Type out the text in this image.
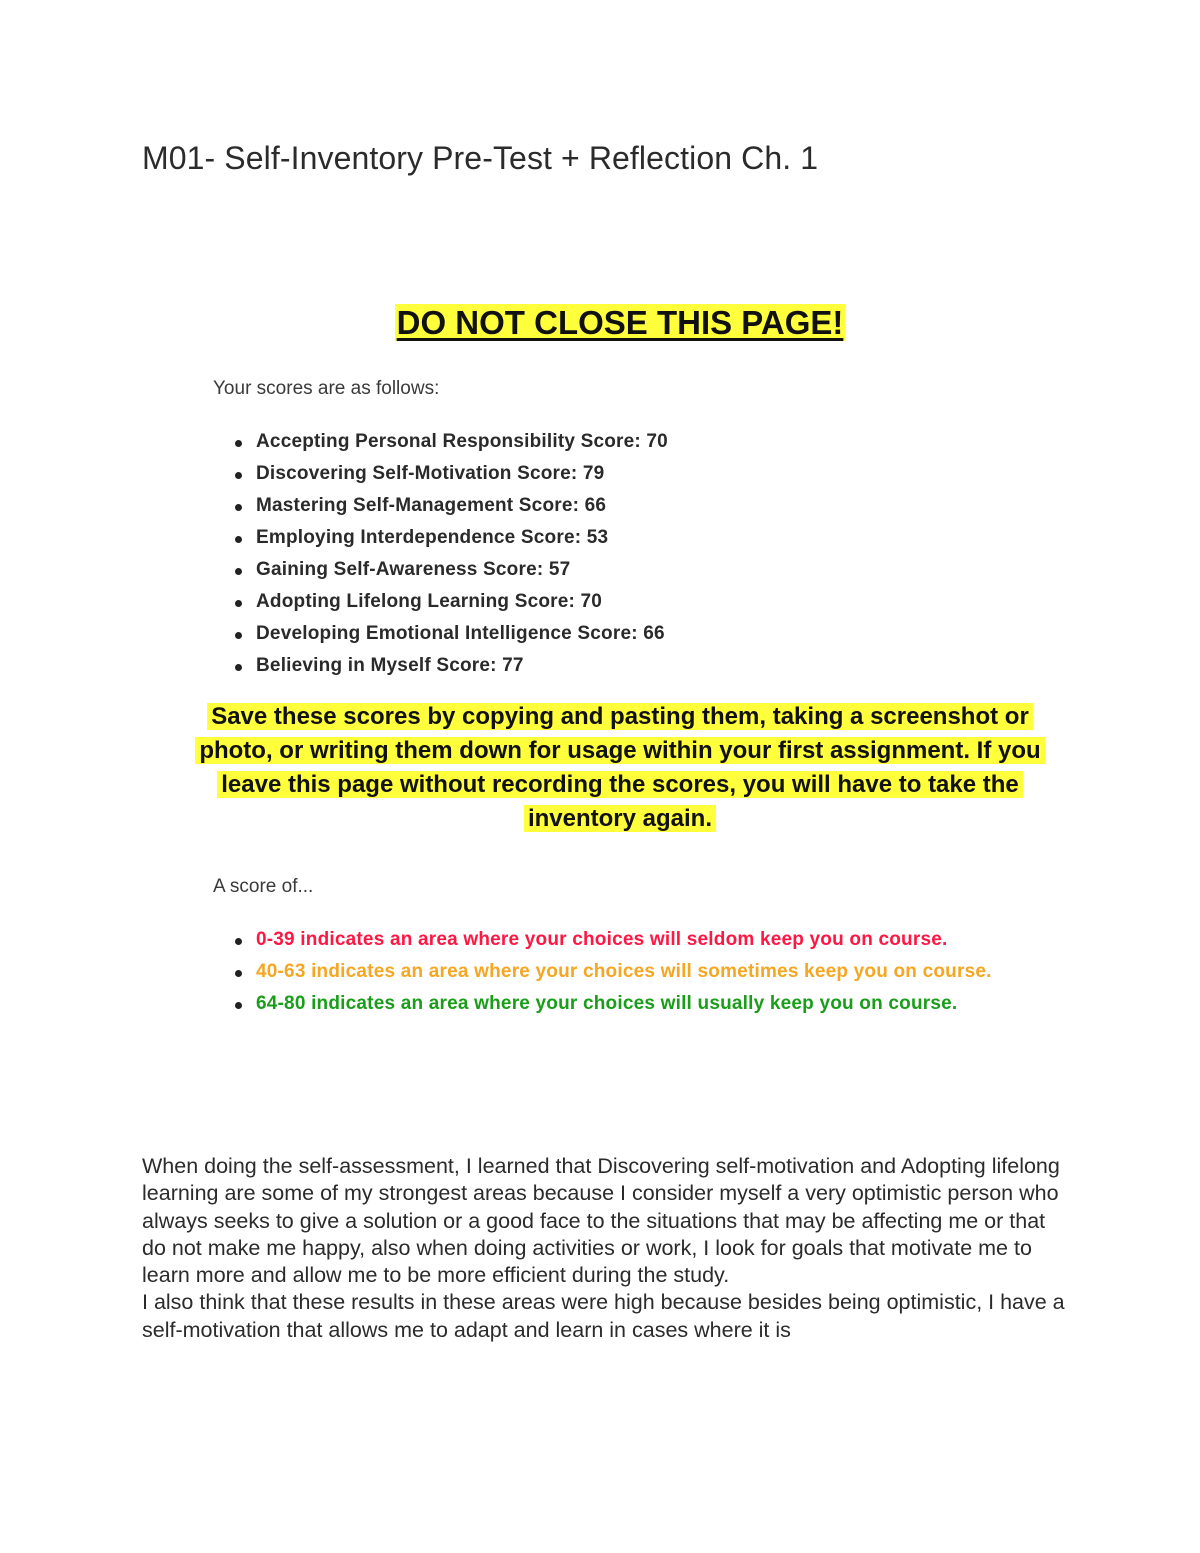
M01- Self-Inventory Pre-Test + Reflection Ch. 1

DO NOT CLOSE THIS PAGE!

Your scores are as follows:

Accepting Personal Responsibility Score: 70
Discovering Self-Motivation Score: 79
Mastering Self-Management Score: 66
Employing Interdependence Score: 53
Gaining Self-Awareness Score: 57
Adopting Lifelong Learning Score: 70
Developing Emotional Intelligence Score: 66
Believing in Myself Score: 77

Save these scores by copying and pasting them, taking a screenshot or photo, or writing them down for usage within your first assignment. If you leave this page without recording the scores, you will have to take the inventory again.

A score of...

0-39 indicates an area where your choices will seldom keep you on course.
40-63 indicates an area where your choices will sometimes keep you on course.
64-80 indicates an area where your choices will usually keep you on course.

When doing the self-assessment, I learned that Discovering self-motivation and Adopting lifelong learning are some of my strongest areas because I consider myself a very optimistic person who always seeks to give a solution or a good face to the situations that may be affecting me or that do not make me happy, also when doing activities or work, I look for goals that motivate me to learn more and allow me to be more efficient during the study.

I also think that these results in these areas were high because besides being optimistic, I have a self-motivation that allows me to adapt and learn in cases where it is
